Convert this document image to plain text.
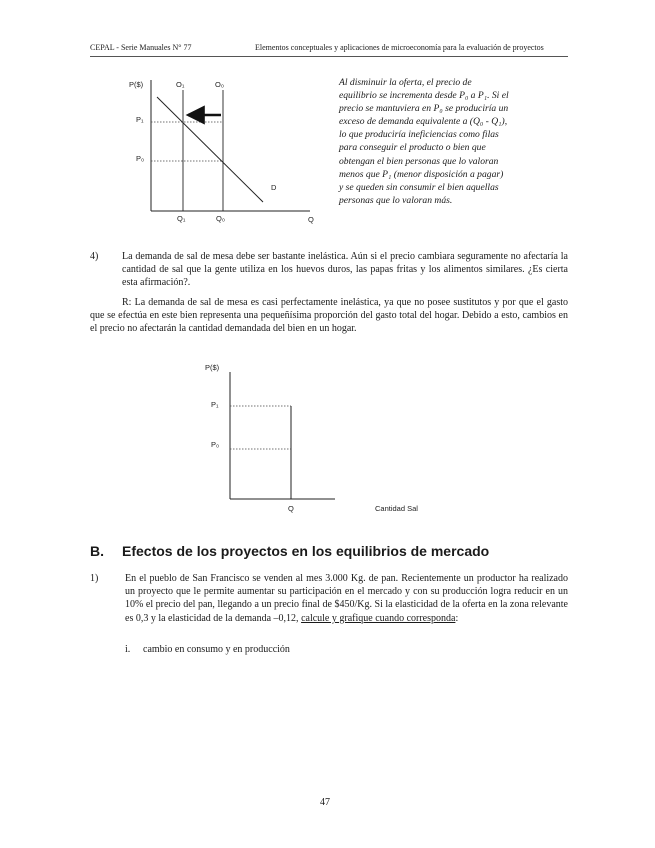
CEPAL - Serie Manuales N° 77	Elementos conceptuales y aplicaciones de microeconomía para la evaluación de proyectos
P($)	O₁	O₀
P₁
P₀
D
Q₁	Q₀	Q
Al disminuir la oferta, el precio de
equilibrio se incrementa desde P₀ a P₁. Si el
precio se mantuviera en P₀ se produciría un
exceso de demanda equivalente a (Q₀ - Q₁),
lo que produciría ineficiencias como filas
para conseguir el producto o bien que
obtengan el bien personas que lo valoran
menos que P₁ (menor disposición a pagar)
y se queden sin consumir el bien aquellas
personas que lo valoran más.
4) La demanda de sal de mesa debe ser bastante inelástica. Aún si el precio cambiara seguramente no afectaría la cantidad de sal que la gente utiliza en los huevos duros, las papas fritas y los alimentos similares. ¿Es cierta esta afirmación?.
R: La demanda de sal de mesa es casi perfectamente inelástica, ya que no posee sustitutos y por que el gasto que se efectúa en este bien representa una pequeñísima proporción del gasto total del hogar. Debido a esto, cambios en el precio no afectarán la cantidad demandada del bien en un hogar.
P($)
P₁
P₀
Q	Cantidad Sal
B. Efectos de los proyectos en los equilibrios de mercado
1)	En el pueblo de San Francisco se venden al mes 3.000 Kg. de pan. Recientemente un productor ha realizado un proyecto que le permite aumentar su participación en el mercado y con su producción logra reducir en un 10% el precio del pan, llegando a un precio final de $450/Kg. Si la elasticidad de la oferta en la zona relevante es 0,3 y la elasticidad de la demanda –0,12, calcule y grafique cuando corresponda:
i. cambio en consumo y en producción
47
